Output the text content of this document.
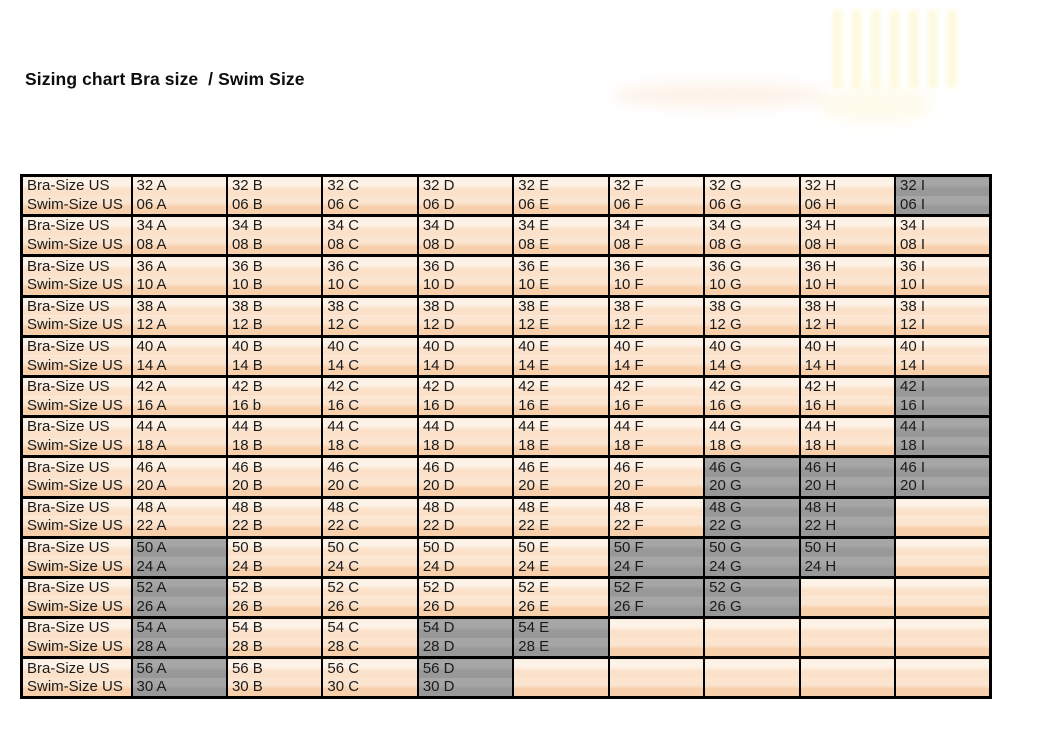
Sizing chart Bra size  / Swim Size
Bra-Size US	32 A	32 B	32 C	32 D	32 E	32 F	32 G	32 H	32 I
Swim-Size US	06 A	06 B	06 C	06 D	06 E	06 F	06 G	06 H	06 I
Bra-Size US	34 A	34 B	34 C	34 D	34 E	34 F	34 G	34 H	34 I
Swim-Size US	08 A	08 B	08 C	08 D	08 E	08 F	08 G	08 H	08 I
Bra-Size US	36 A	36 B	36 C	36 D	36 E	36 F	36 G	36 H	36 I
Swim-Size US	10 A	10 B	10 C	10 D	10 E	10 F	10 G	10 H	10 I
Bra-Size US	38 A	38 B	38 C	38 D	38 E	38 F	38 G	38 H	38 I
Swim-Size US	12 A	12 B	12 C	12 D	12 E	12 F	12 G	12 H	12 I
Bra-Size US	40 A	40 B	40 C	40 D	40 E	40 F	40 G	40 H	40 I
Swim-Size US	14 A	14 B	14 C	14 D	14 E	14 F	14 G	14 H	14 I
Bra-Size US	42 A	42 B	42 C	42 D	42 E	42 F	42 G	42 H	42 I
Swim-Size US	16 A	16 b	16 C	16 D	16 E	16 F	16 G	16 H	16 I
Bra-Size US	44 A	44 B	44 C	44 D	44 E	44 F	44 G	44 H	44 I
Swim-Size US	18 A	18 B	18 C	18 D	18 E	18 F	18 G	18 H	18 I
Bra-Size US	46 A	46 B	46 C	46 D	46 E	46 F	46 G	46 H	46 I
Swim-Size US	20 A	20 B	20 C	20 D	20 E	20 F	20 G	20 H	20 I
Bra-Size US	48 A	48 B	48 C	48 D	48 E	48 F	48 G	48 H	
Swim-Size US	22 A	22 B	22 C	22 D	22 E	22 F	22 G	22 H	
Bra-Size US	50 A	50 B	50 C	50 D	50 E	50 F	50 G	50 H	
Swim-Size US	24 A	24 B	24 C	24 D	24 E	24 F	24 G	24 H	
Bra-Size US	52 A	52 B	52 C	52 D	52 E	52 F	52 G		
Swim-Size US	26 A	26 B	26 C	26 D	26 E	26 F	26 G		
Bra-Size US	54 A	54 B	54 C	54 D	54 E				
Swim-Size US	28 A	28 B	28 C	28 D	28 E				
Bra-Size US	56 A	56 B	56 C	56 D					
Swim-Size US	30 A	30 B	30 C	30 D					
